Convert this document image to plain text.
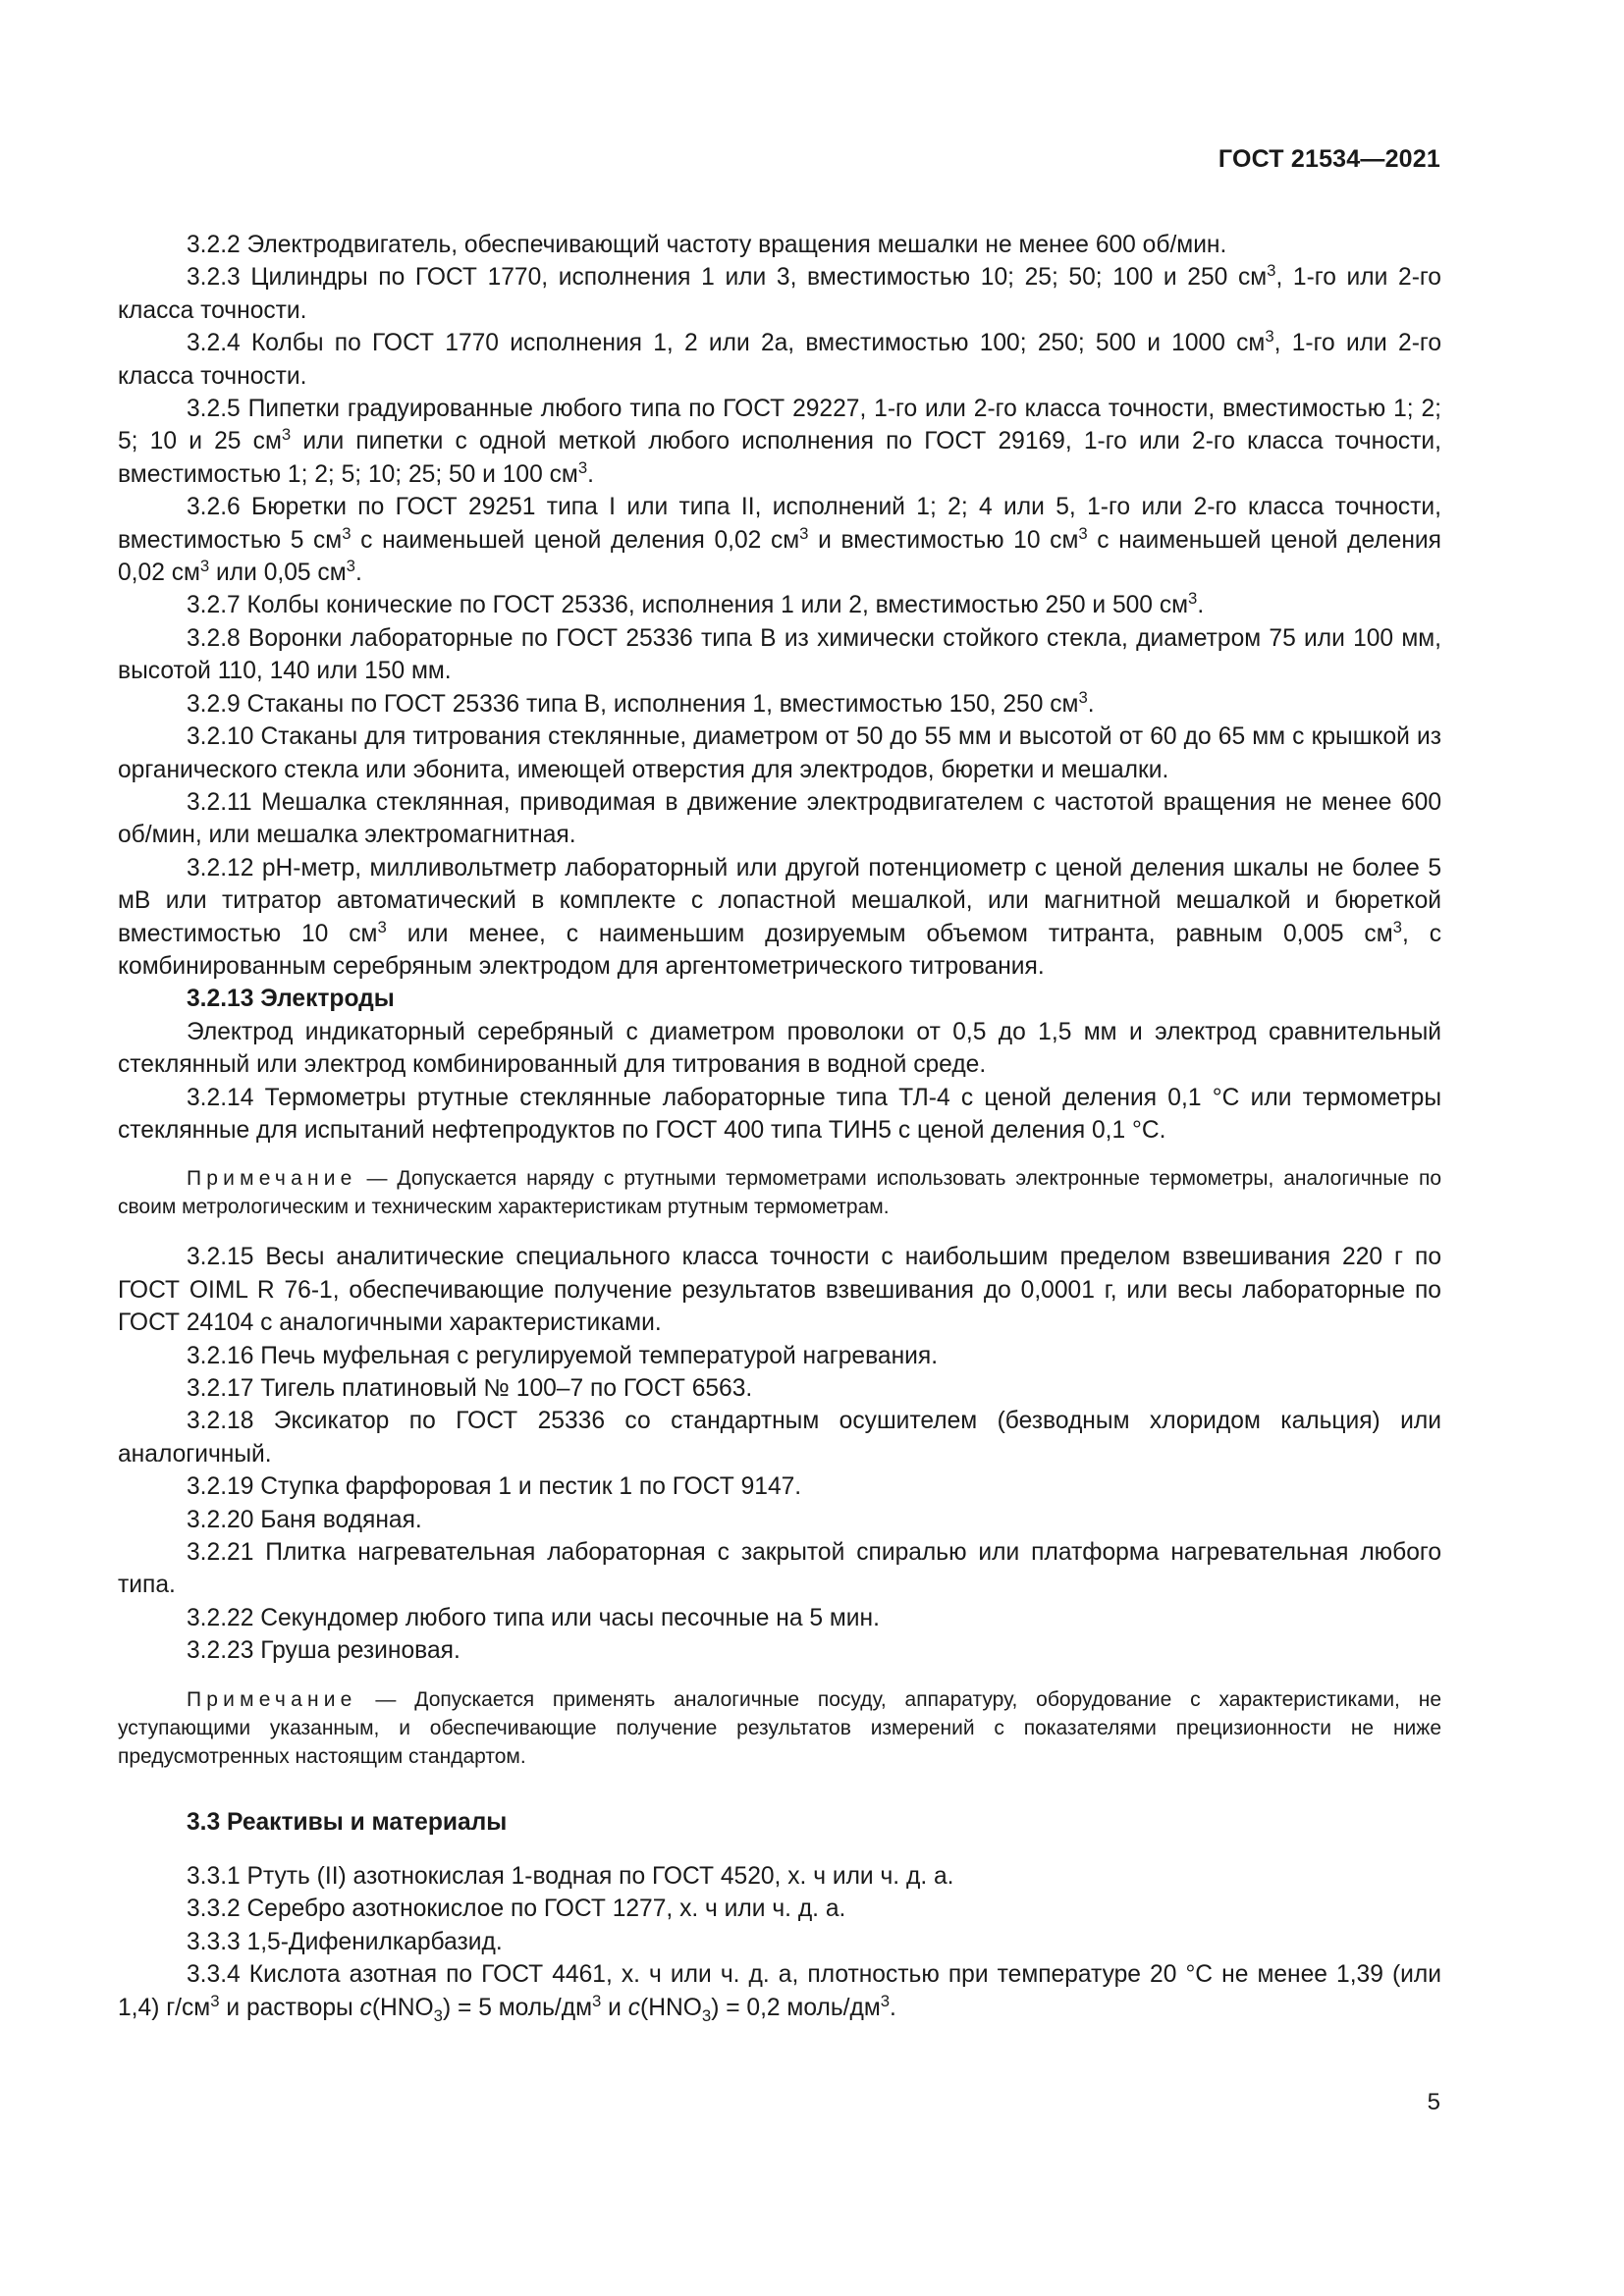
ГОСТ 21534—2021

3.2.2 Электродвигатель, обеспечивающий частоту вращения мешалки не менее 600 об/мин.

3.2.3 Цилиндры по ГОСТ 1770, исполнения 1 или 3, вместимостью 10; 25; 50; 100 и 250 $см^3$, 1-го или 2-го класса точности.

3.2.4 Колбы по ГОСТ 1770 исполнения 1, 2 или 2а, вместимостью 100; 250; 500 и 1000 $см^3$, 1-го или 2-го класса точности.

3.2.5 Пипетки градуированные любого типа по ГОСТ 29227, 1-го или 2-го класса точности, вместимостью 1; 2; 5; 10 и 25 $см^3$ или пипетки с одной меткой любого исполнения по ГОСТ 29169, 1-го или 2-го класса точности, вместимостью 1; 2; 5; 10; 25; 50 и 100 $см^3$.

3.2.6 Бюретки по ГОСТ 29251 типа I или типа II, исполнений 1; 2; 4 или 5, 1-го или 2-го класса точности, вместимостью 5 $см^3$ с наименьшей ценой деления 0,02 $см^3$ и вместимостью 10 $см^3$ с наименьшей ценой деления 0,02 $см^3$ или 0,05 $см^3$.

3.2.7 Колбы конические по ГОСТ 25336, исполнения 1 или 2, вместимостью 250 и 500 $см^3$.

3.2.8 Воронки лабораторные по ГОСТ 25336 типа В из химически стойкого стекла, диаметром 75 или 100 мм, высотой 110, 140 или 150 мм.

3.2.9 Стаканы по ГОСТ 25336 типа В, исполнения 1, вместимостью 150, 250 $см^3$.

3.2.10 Стаканы для титрования стеклянные, диаметром от 50 до 55 мм и высотой от 60 до 65 мм с крышкой из органического стекла или эбонита, имеющей отверстия для электродов, бюретки и мешалки.

3.2.11 Мешалка стеклянная, приводимая в движение электродвигателем с частотой вращения не менее 600 об/мин, или мешалка электромагнитная.

3.2.12 pH-метр, милливольтметр лабораторный или другой потенциометр с ценой деления шкалы не более 5 мВ или титратор автоматический в комплекте с лопастной мешалкой, или магнитной мешалкой и бюреткой вместимостью 10 $см^3$ или менее, с наименьшим дозируемым объемом титранта, равным 0,005 $см^3$, с комбинированным серебряным электродом для аргентометрического титрования.

3.2.13 Электроды

Электрод индикаторный серебряный с диаметром проволоки от 0,5 до 1,5 мм и электрод сравнительный стеклянный или электрод комбинированный для титрования в водной среде.

3.2.14 Термометры ртутные стеклянные лабораторные типа ТЛ-4 с ценой деления 0,1 °С или термометры стеклянные для испытаний нефтепродуктов по ГОСТ 400 типа ТИН5 с ценой деления 0,1 °С.

Примечание — Допускается наряду с ртутными термометрами использовать электронные термометры, аналогичные по своим метрологическим и техническим характеристикам ртутным термометрам.

3.2.15 Весы аналитические специального класса точности с наибольшим пределом взвешивания 220 г по ГОСТ OIML R 76-1, обеспечивающие получение результатов взвешивания до 0,0001 г, или весы лабораторные по ГОСТ 24104 с аналогичными характеристиками.

3.2.16 Печь муфельная с регулируемой температурой нагревания.

3.2.17 Тигель платиновый № 100–7 по ГОСТ 6563.

3.2.18 Эксикатор по ГОСТ 25336 со стандартным осушителем (безводным хлоридом кальция) или аналогичный.

3.2.19 Ступка фарфоровая 1 и пестик 1 по ГОСТ 9147.

3.2.20 Баня водяная.

3.2.21 Плитка нагревательная лабораторная с закрытой спиралью или платформа нагревательная любого типа.

3.2.22 Секундомер любого типа или часы песочные на 5 мин.

3.2.23 Груша резиновая.

Примечание — Допускается применять аналогичные посуду, аппаратуру, оборудование с характеристиками, не уступающими указанным, и обеспечивающие получение результатов измерений с показателями прецизионности не ниже предусмотренных настоящим стандартом.

3.3 Реактивы и материалы

3.3.1 Ртуть (II) азотнокислая 1-водная по ГОСТ 4520, х. ч или ч. д. а.

3.3.2 Серебро азотнокислое по ГОСТ 1277, х. ч или ч. д. а.

3.3.3 1,5-Дифенилкарбазид.

3.3.4 Кислота азотная по ГОСТ 4461, х. ч или ч. д. а, плотностью при температуре 20 °С не менее 1,39 (или 1,4) $г/см^3$ и растворы $c(HNO_3) = 5$ моль/$дм^3$ и $c(HNO_3) = 0,2$ моль/$дм^3$.

5
